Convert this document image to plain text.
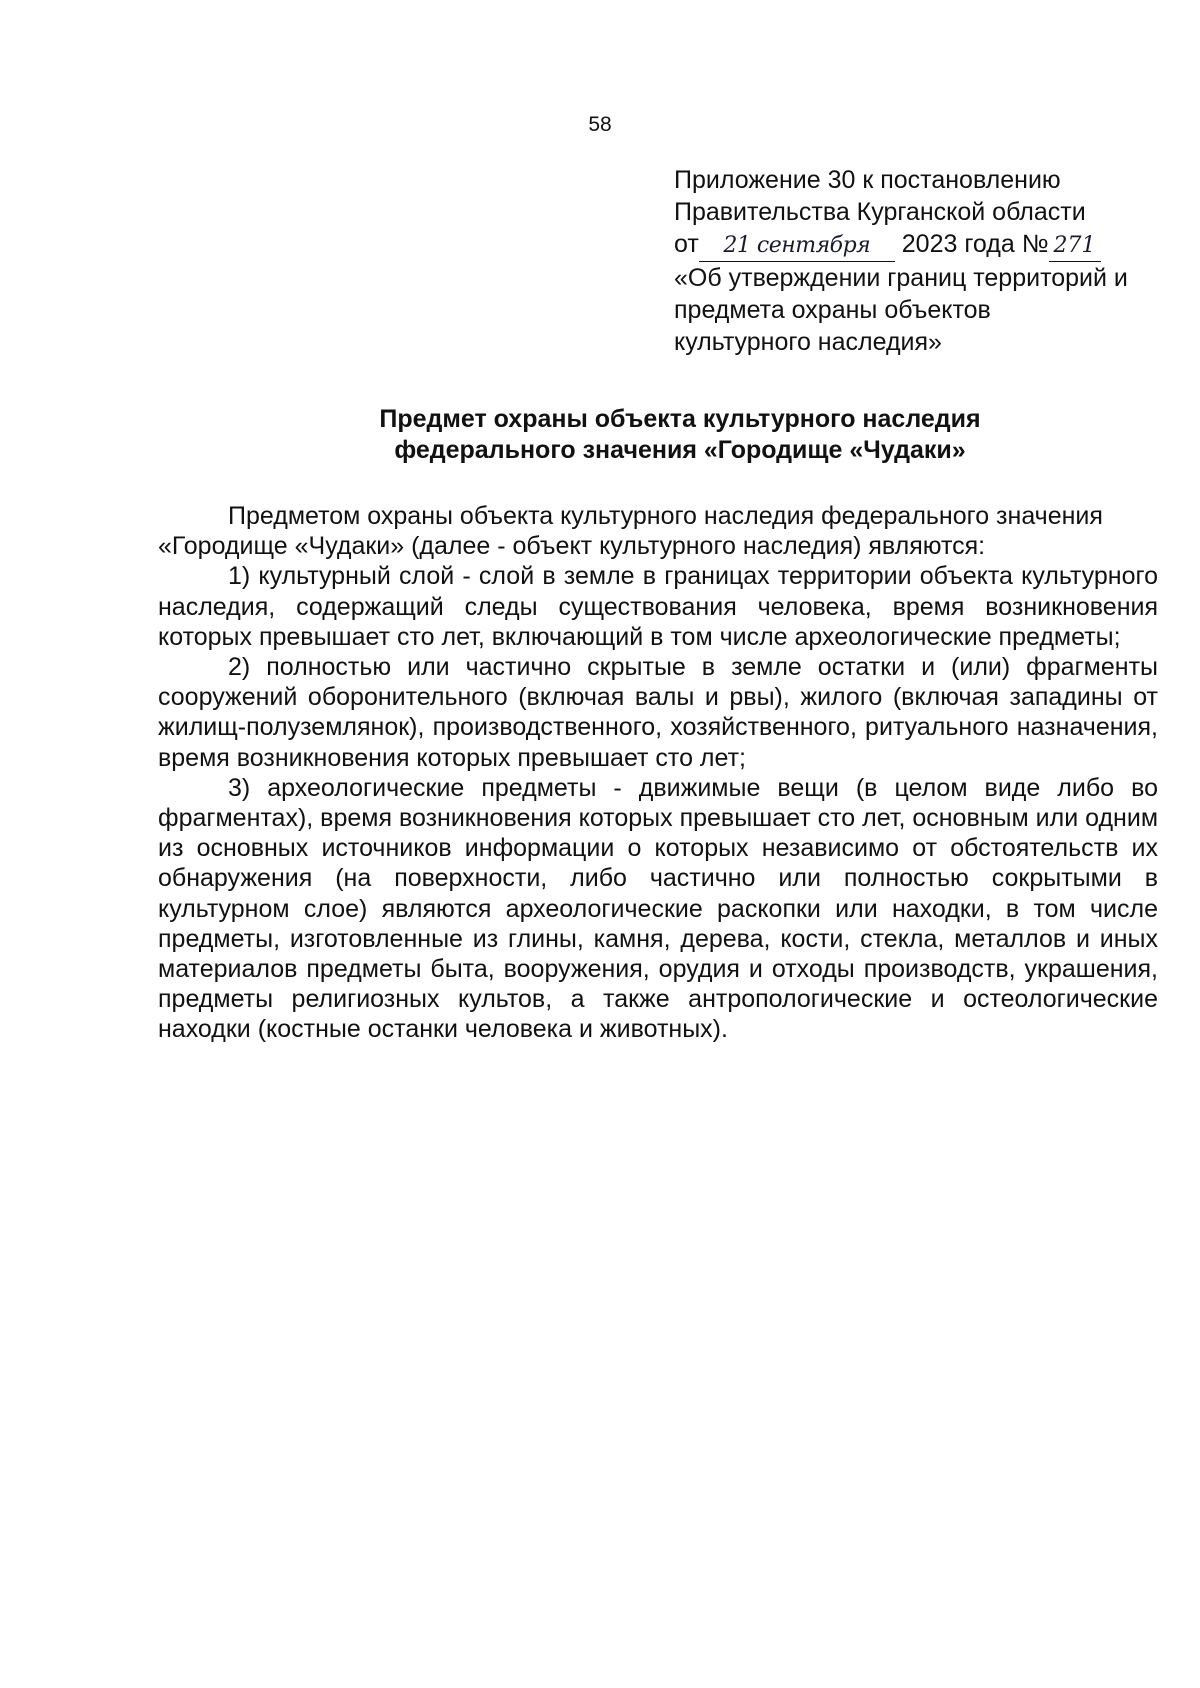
58
Приложение 30 к постановлению
Правительства Курганской области
от 21 сентября 2023 года № 271
«Об утверждении границ территорий и
предмета охраны объектов
культурного наследия»
Предмет охраны объекта культурного наследия
федерального значения «Городище «Чудаки»

Предметом охраны объекта культурного наследия федерального значения
«Городище «Чудаки» (далее - объект культурного наследия) являются:

1) культурный слой - слой в земле в границах территории объекта культурного наследия, содержащий следы существования человека, время возникновения которых превышает сто лет, включающий в том числе археологические предметы;

2) полностью или частично скрытые в земле остатки и (или) фрагменты сооружений оборонительного (включая валы и рвы), жилого (включая западины от жилищ-полуземлянок), производственного, хозяйственного, ритуального назначения, время возникновения которых превышает сто лет;

3) археологические предметы - движимые вещи (в целом виде либо во фрагментах), время возникновения которых превышает сто лет, основным или одним из основных источников информации о которых независимо от обстоятельств их обнаружения (на поверхности, либо частично или полностью сокрытыми в культурном слое) являются археологические раскопки или находки, в том числе предметы, изготовленные из глины, камня, дерева, кости, стекла, металлов и иных материалов предметы быта, вооружения, орудия и отходы производств, украшения, предметы религиозных культов, а также антропологические и остеологические находки (костные останки человека и животных).
